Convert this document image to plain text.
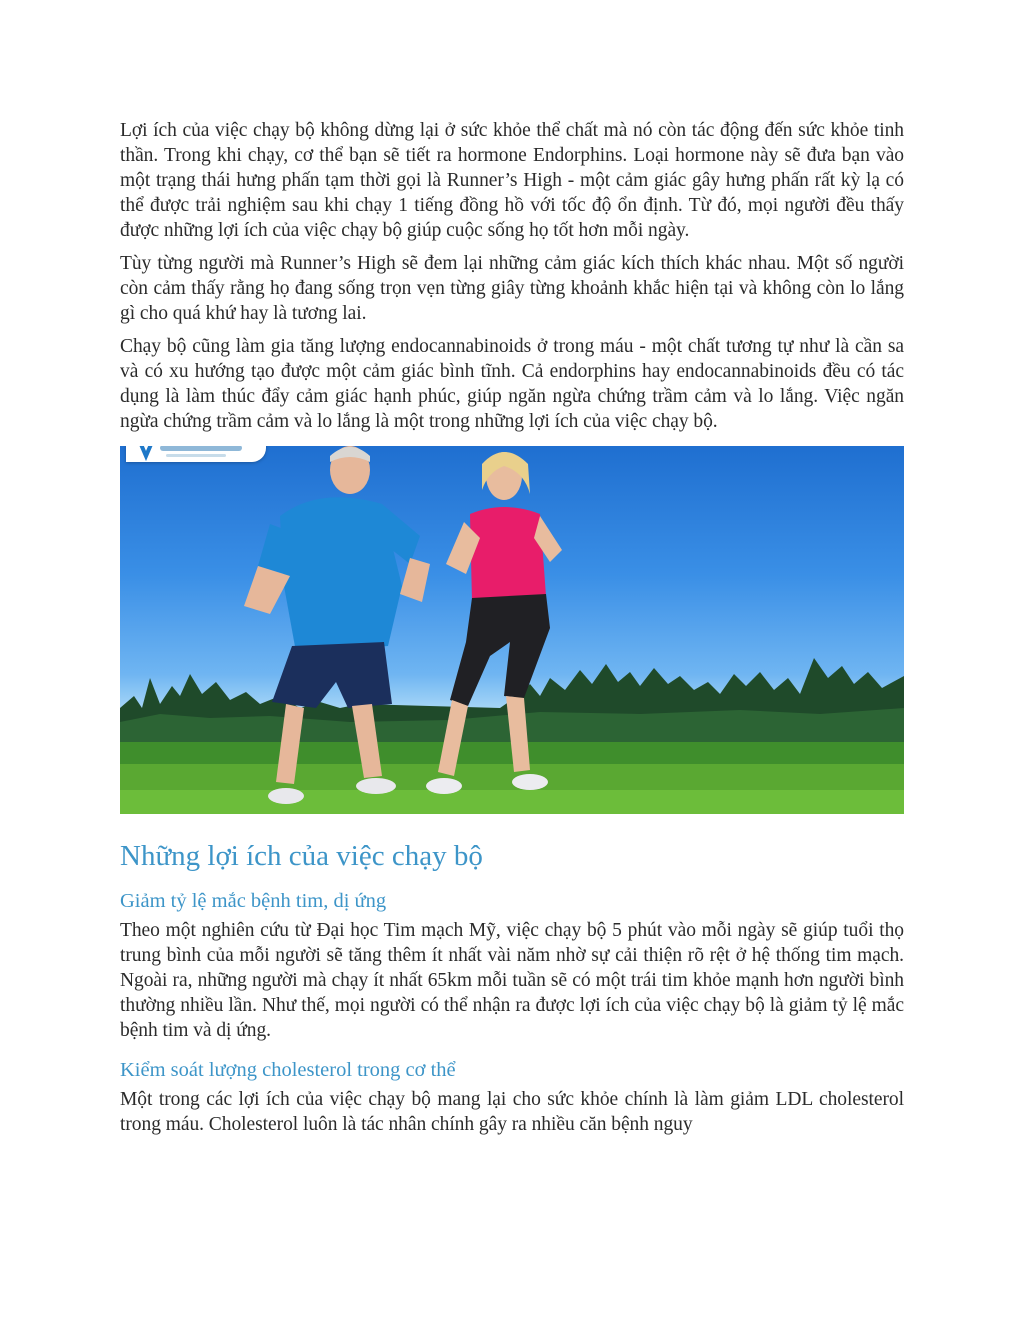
Lợi ích của việc chạy bộ không dừng lại ở sức khỏe thể chất mà nó còn tác động đến sức khỏe tinh thần. Trong khi chạy, cơ thể bạn sẽ tiết ra hormone Endorphins. Loại hormone này sẽ đưa bạn vào một trạng thái hưng phấn tạm thời gọi là Runner’s High - một cảm giác gây hưng phấn rất kỳ lạ có thể được trải nghiệm sau khi chạy 1 tiếng đồng hồ với tốc độ ổn định. Từ đó, mọi người đều thấy được những lợi ích của việc chạy bộ giúp cuộc sống họ tốt hơn mỗi ngày.

Tùy từng người mà Runner’s High sẽ đem lại những cảm giác kích thích khác nhau. Một số người còn cảm thấy rằng họ đang sống trọn vẹn từng giây từng khoảnh khắc hiện tại và không còn lo lắng gì cho quá khứ hay là tương lai.

Chạy bộ cũng làm gia tăng lượng endocannabinoids ở trong máu - một chất tương tự như là cần sa và có xu hướng tạo được một cảm giác bình tĩnh. Cả endorphins hay endocannabinoids đều có tác dụng là làm thúc đẩy cảm giác hạnh phúc, giúp ngăn ngừa chứng trầm cảm và lo lắng. Việc ngăn ngừa chứng trầm cảm và lo lắng là một trong những lợi ích của việc chạy bộ.

Những lợi ích của việc chạy bộ
Giảm tỷ lệ mắc bệnh tim, dị ứng

Theo một nghiên cứu từ Đại học Tim mạch Mỹ, việc chạy bộ 5 phút vào mỗi ngày sẽ giúp tuổi thọ trung bình của mỗi người sẽ tăng thêm ít nhất vài năm nhờ sự cải thiện rõ rệt ở hệ thống tim mạch. Ngoài ra, những người mà chạy ít nhất 65km mỗi tuần sẽ có một trái tim khỏe mạnh hơn người bình thường nhiều lần. Như thế, mọi người có thể nhận ra được lợi ích của việc chạy bộ là giảm tỷ lệ mắc bệnh tim và dị ứng.

Kiểm soát lượng cholesterol trong cơ thể

Một trong các lợi ích của việc chạy bộ mang lại cho sức khỏe chính là làm giảm LDL cholesterol trong máu. Cholesterol luôn là tác nhân chính gây ra nhiều căn bệnh nguy
